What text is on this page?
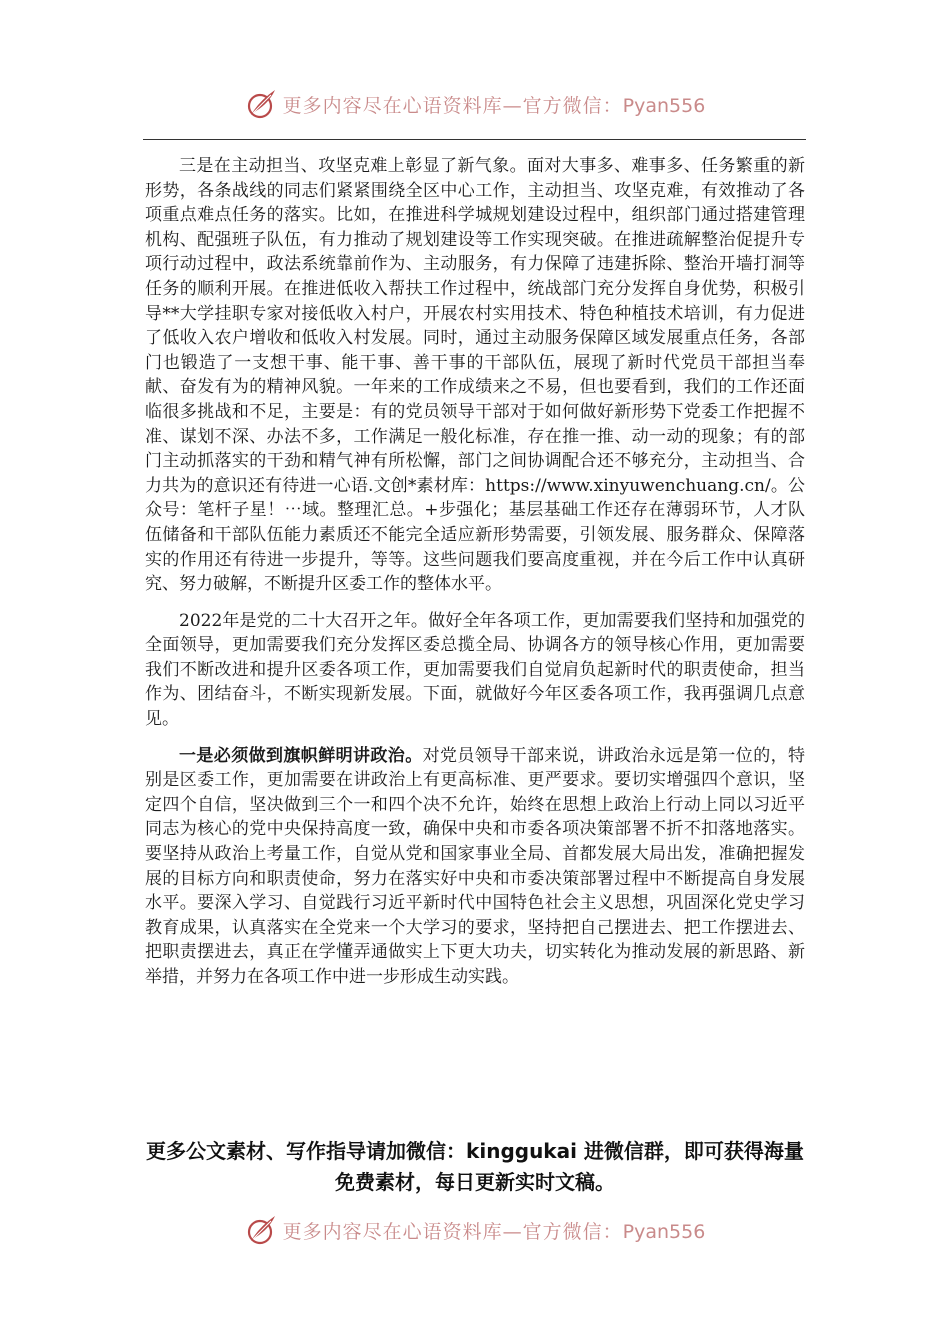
更多内容尽在心语资料库—官方微信：Pyan556

三是在主动担当、攻坚克难上彰显了新气象。面对大事多、难事多、任务繁重的新形势，各条战线的同志们紧紧围绕全区中心工作，主动担当、攻坚克难，有效推动了各项重点难点任务的落实。比如，在推进科学城规划建设过程中，组织部门通过搭建管理机构、配强班子队伍，有力推动了规划建设等工作实现突破。在推进疏解整治促提升专项行动过程中，政法系统靠前作为、主动服务，有力保障了违建拆除、整治开墙打洞等任务的顺利开展。在推进低收入帮扶工作过程中，统战部门充分发挥自身优势，积极引导**大学挂职专家对接低收入村户，开展农村实用技术、特色种植技术培训，有力促进了低收入农户增收和低收入村发展。同时，通过主动服务保障区域发展重点任务，各部门也锻造了一支想干事、能干事、善干事的干部队伍，展现了新时代党员干部担当奉献、奋发有为的精神风貌。一年来的工作成绩来之不易，但也要看到，我们的工作还面临很多挑战和不足，主要是：有的党员领导干部对于如何做好新形势下党委工作把握不准、谋划不深、办法不多，工作满足一般化标准，存在推一推、动一动的现象；有的部门主动抓落实的干劲和精气神有所松懈，部门之间协调配合还不够充分，主动担当、合力共为的意识还有待进一心语.文创*素材库：https://www.xinyuwenchuang.cn/。公众号：笔杆子星！⋯域。整理汇总。+步强化；基层基础工作还存在薄弱环节，人才队伍储备和干部队伍能力素质还不能完全适应新形势需要，引领发展、服务群众、保障落实的作用还有待进一步提升，等等。这些问题我们要高度重视，并在今后工作中认真研究、努力破解，不断提升区委工作的整体水平。

2022年是党的二十大召开之年。做好全年各项工作，更加需要我们坚持和加强党的全面领导，更加需要我们充分发挥区委总揽全局、协调各方的领导核心作用，更加需要我们不断改进和提升区委各项工作，更加需要我们自觉肩负起新时代的职责使命，担当作为、团结奋斗，不断实现新发展。下面，就做好今年区委各项工作，我再强调几点意见。

一是必须做到旗帜鲜明讲政治。对党员领导干部来说，讲政治永远是第一位的，特别是区委工作，更加需要在讲政治上有更高标准、更严要求。要切实增强四个意识，坚定四个自信，坚决做到三个一和四个决不允许，始终在思想上政治上行动上同以习近平同志为核心的党中央保持高度一致，确保中央和市委各项决策部署不折不扣落地落实。要坚持从政治上考量工作，自觉从党和国家事业全局、首都发展大局出发，准确把握发展的目标方向和职责使命，努力在落实好中央和市委决策部署过程中不断提高自身发展水平。要深入学习、自觉践行习近平新时代中国特色社会主义思想，巩固深化党史学习教育成果，认真落实在全党来一个大学习的要求，坚持把自己摆进去、把工作摆进去、把职责摆进去，真正在学懂弄通做实上下更大功夫，切实转化为推动发展的新思路、新举措，并努力在各项工作中进一步形成生动实践。

更多公文素材、写作指导请加微信：kinggukai 进微信群，即可获得海量免费素材，每日更新实时文稿。
更多内容尽在心语资料库—官方微信：Pyan556
